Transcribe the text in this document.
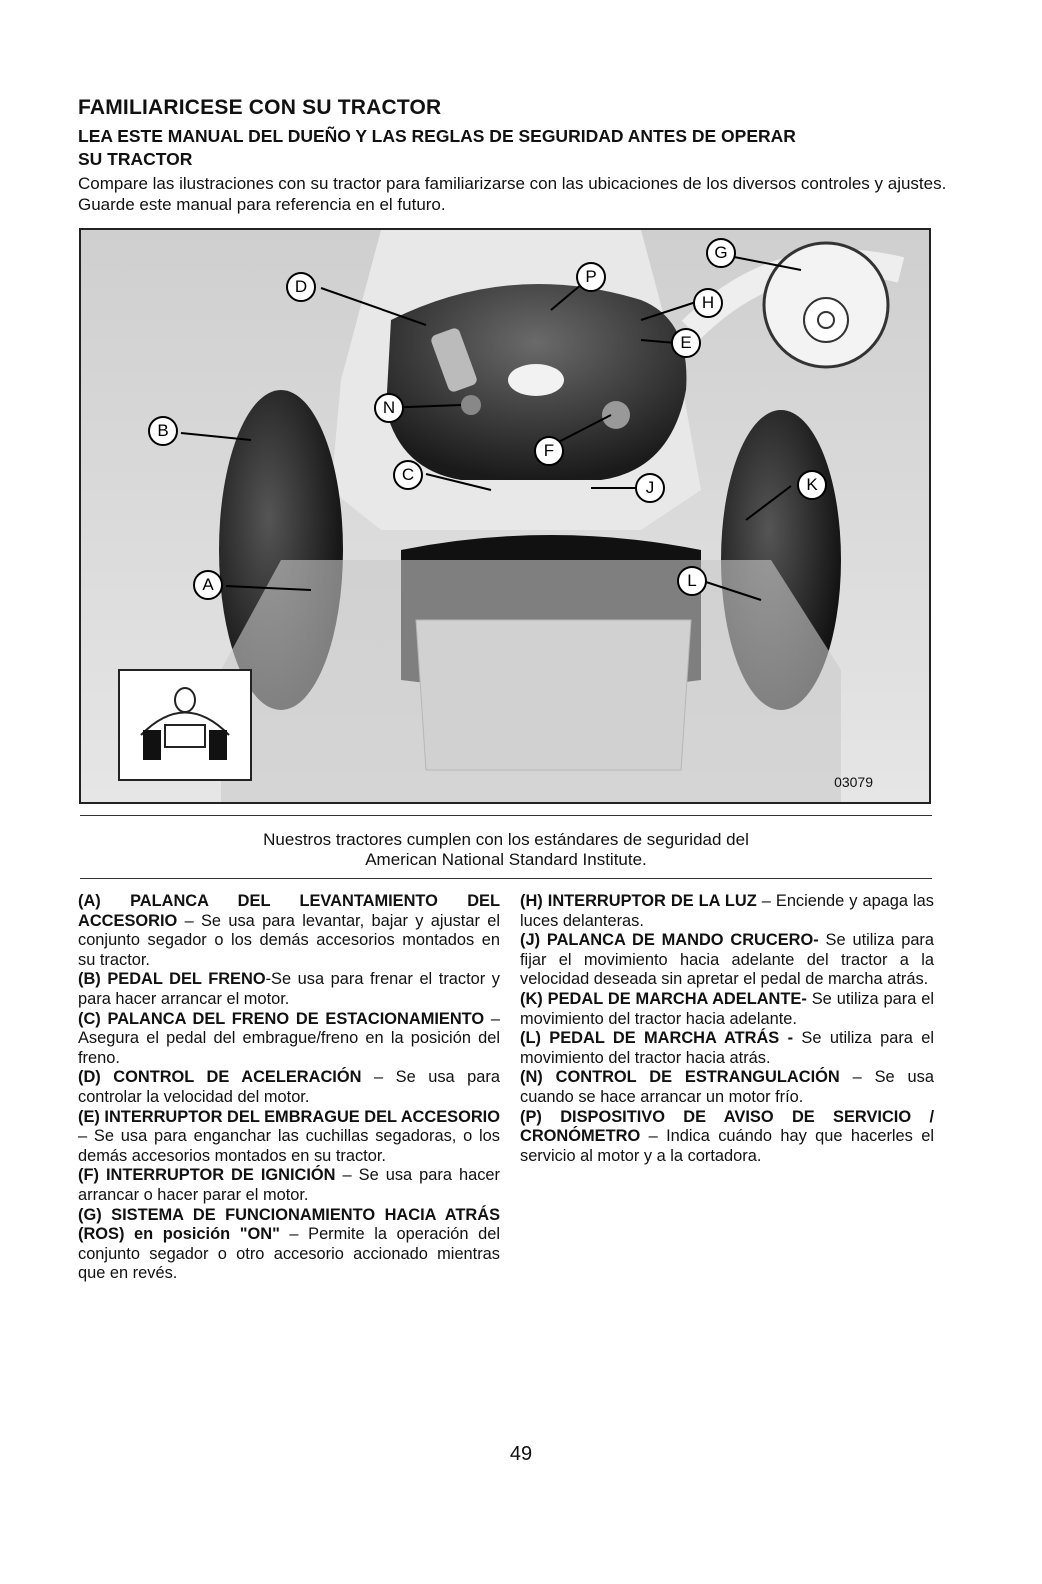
FAMILIARICESE CON SU TRACTOR
LEA ESTE MANUAL DEL DUEÑO Y LAS REGLAS DE SEGURIDAD ANTES DE OPERAR
SU TRACTOR
Compare las ilustraciones con su tractor para familiarizarse con las ubicaciones de los diversos controles y ajustes. Guarde este manual para referencia en el futuro.
D
P
G
H
E
B
N
F
C
J	K
A	L
03079
Nuestros tractores cumplen con los estándares de seguridad del
American National Standard Institute.
(A) PALANCA DEL LEVANTAMIENTO DEL ACCESORIO – Se usa para levantar, bajar y ajustar el conjunto segador o los demás accesorios montados en su tractor.
(B) PEDAL DEL FRENO-Se usa para frenar el tractor y para hacer arrancar el motor.
(C) PALANCA DEL FRENO DE ESTACIONAMIENTO – Asegura el pedal del embrague/freno en la posición del freno.
(D) CONTROL DE ACELERACIÓN – Se usa para controlar la velocidad del motor.
(E) INTERRUPTOR DEL EMBRAGUE DEL ACCESORIO – Se usa para enganchar las cuchillas segadoras, o los demás accesorios montados en su tractor.
(F) INTERRUPTOR DE IGNICIÓN – Se usa para hacer arrancar o hacer parar el motor.
(G) SISTEMA DE FUNCIONAMIENTO HACIA ATRÁS (ROS) en posición "ON" – Permite la operación del conjunto segador o otro accesorio accionado mientras que en revés.
(H) INTERRUPTOR DE LA LUZ – Enciende y apaga las luces delanteras.
(J) PALANCA DE MANDO CRUCERO- Se utiliza para fijar el movimiento hacia adelante del tractor a la velocidad deseada sin apretar el pedal de marcha atrás.
(K) PEDAL DE MARCHA ADELANTE- Se utiliza para el movimiento del tractor hacia adelante.
(L) PEDAL DE MARCHA ATRÁS - Se utiliza para el movimiento del tractor hacia atrás.
(N) CONTROL DE ESTRANGULACIÓN – Se usa cuando se hace arrancar un motor frío.
(P) DISPOSITIVO DE AVISO DE SERVICIO / CRONÓMETRO – Indica cuándo hay que hacerles el servicio al motor y a la cortadora.
49
